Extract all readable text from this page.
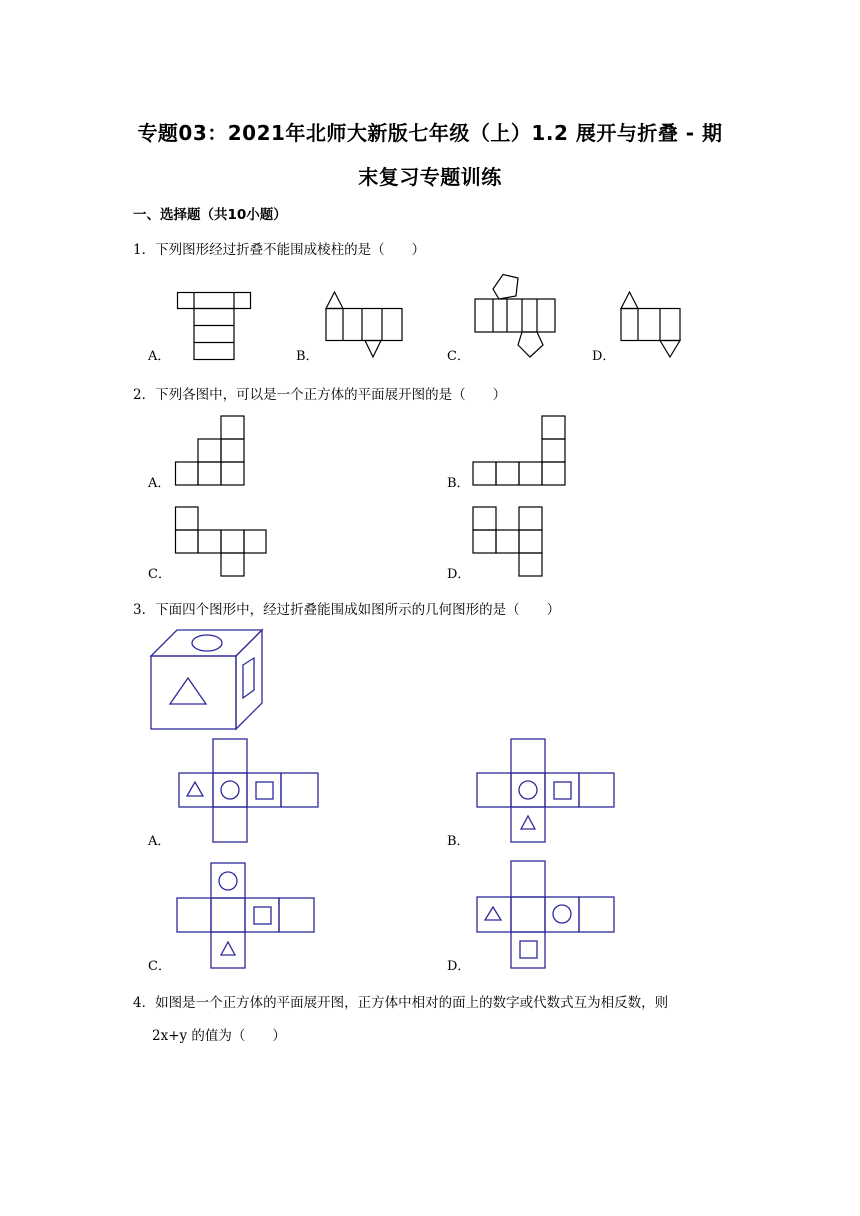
专题03：2021年北师大新版七年级（上）1.2 展开与折叠 - 期
末复习专题训练
一、选择题（共10小题）
1．下列图形经过折叠不能围成棱柱的是（　　）
A．	B．	C．	D．
2．下列各图中，可以是一个正方体的平面展开图的是（　　）
A．	B．
C．	D．
3．下面四个图形中，经过折叠能围成如图所示的几何图形的是（　　）
A．	B．
C．	D．
4．如图是一个正方体的平面展开图，正方体中相对的面上的数字或代数式互为相反数，则
2x+y 的值为（　　）
